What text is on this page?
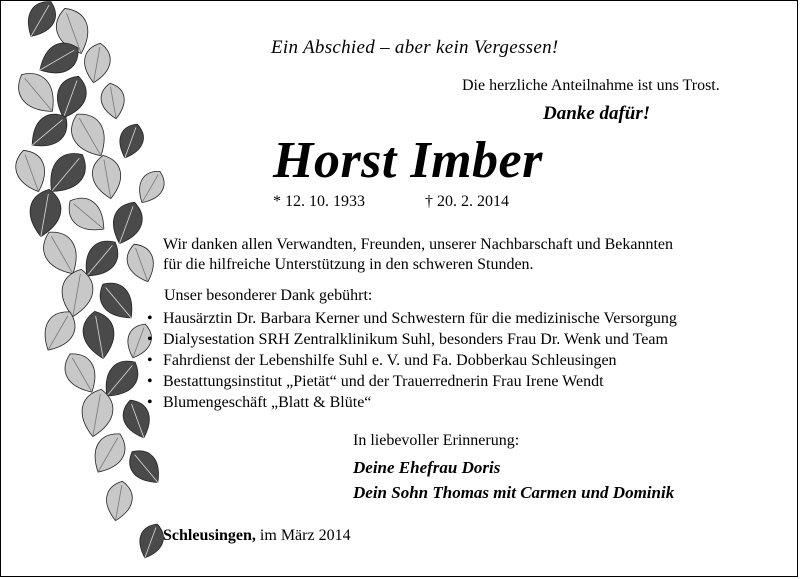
Ein Abschied – aber kein Vergessen!
Die herzliche Anteilnahme ist uns Trost.
Danke dafür!
Horst Imber
* 12. 10. 1933	† 20. 2. 2014
Wir danken allen Verwandten, Freunden, unserer Nachbarschaft und Bekannten
für die hilfreiche Unterstützung in den schweren Stunden.
Unser besonderer Dank gebührt:
• Hausärztin Dr. Barbara Kerner und Schwestern für die medizinische Versorgung
• Dialysestation SRH Zentralklinikum Suhl, besonders Frau Dr. Wenk und Team
• Fahrdienst der Lebenshilfe Suhl e. V. und Fa. Dobberkau Schleusingen
• Bestattungsinstitut „Pietät“ und der Trauerrednerin Frau Irene Wendt
• Blumengeschäft „Blatt & Blüte“
In liebevoller Erinnerung:
Deine Ehefrau Doris
Dein Sohn Thomas mit Carmen und Dominik
Schleusingen, im März 2014
